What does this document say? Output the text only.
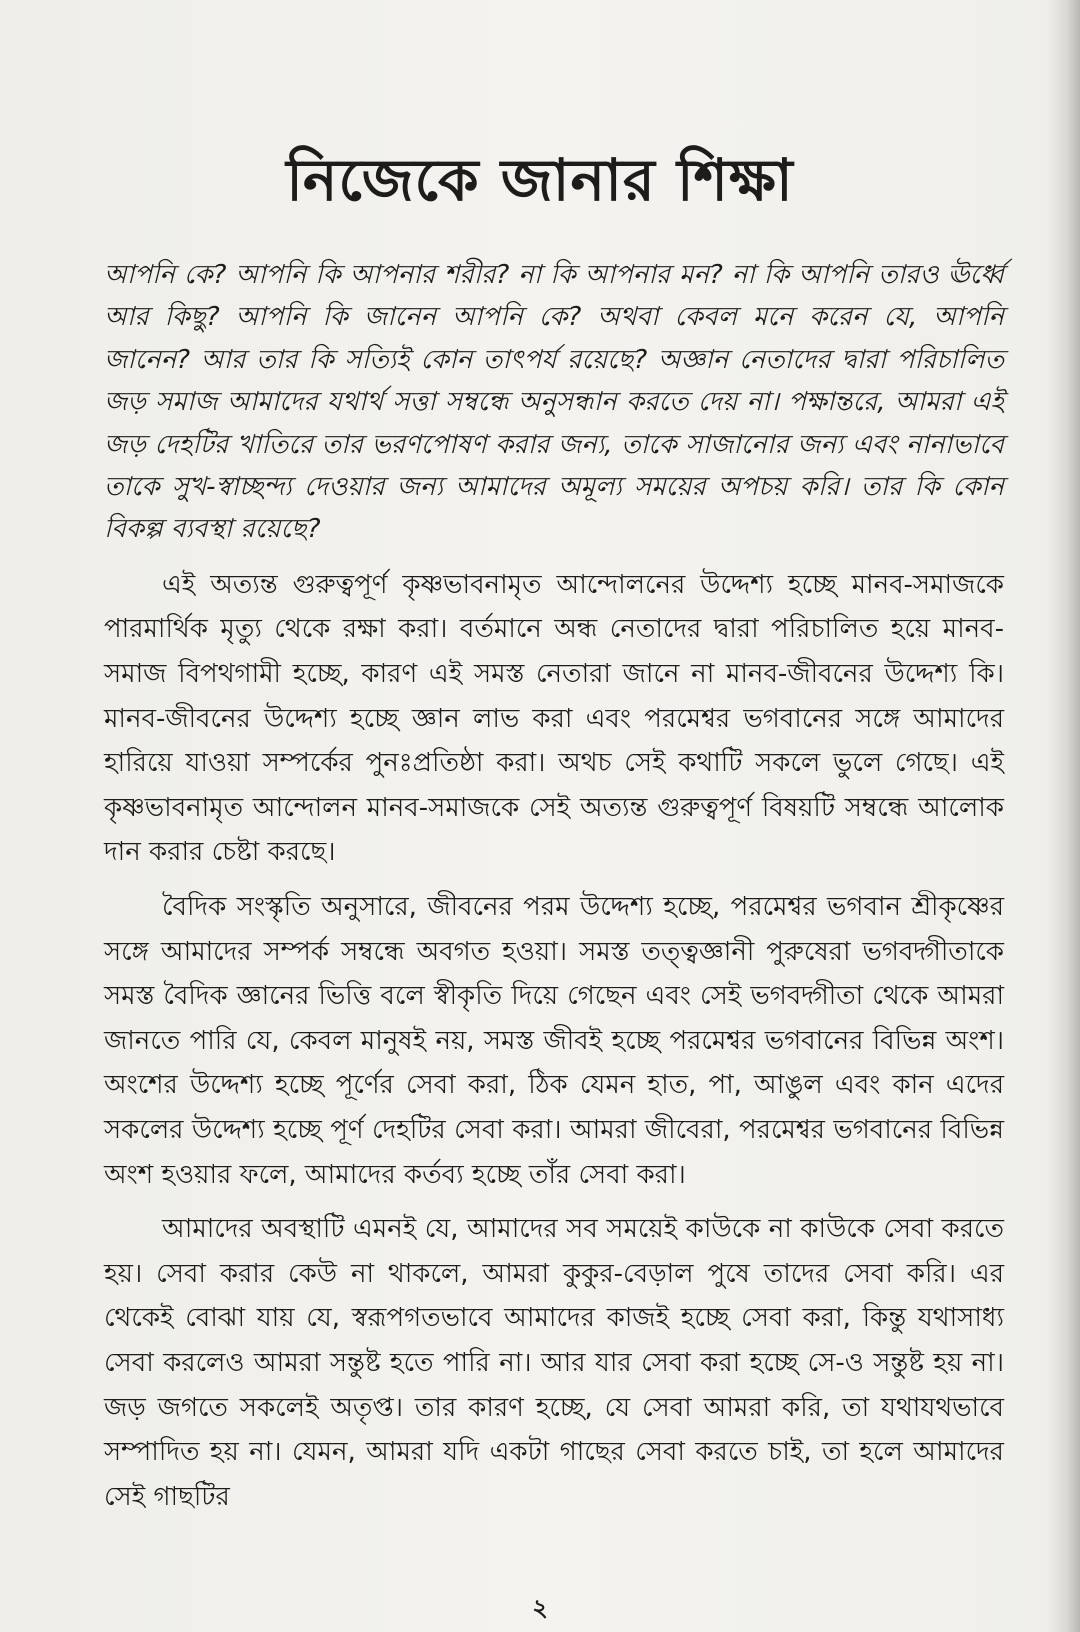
নিজেকে জানার শিক্ষা

আপনি কে? আপনি কি আপনার শরীর? না কি আপনার মন? না কি আপনি তারও ঊর্ধ্বে আর কিছু? আপনি কি জানেন আপনি কে? অথবা কেবল মনে করেন যে, আপনি জানেন? আর তার কি সত্যিই কোন তাৎপর্য রয়েছে? অজ্ঞান নেতাদের দ্বারা পরিচালিত জড় সমাজ আমাদের যথার্থ সত্তা সম্বন্ধে অনুসন্ধান করতে দেয় না। পক্ষান্তরে, আমরা এই জড় দেহটির খাতিরে তার ভরণপোষণ করার জন্য, তাকে সাজানোর জন্য এবং নানাভাবে তাকে সুখ-স্বাচ্ছন্দ্য দেওয়ার জন্য আমাদের অমূল্য সময়ের অপচয় করি। তার কি কোন বিকল্প ব্যবস্থা রয়েছে?

এই অত্যন্ত গুরুত্বপূর্ণ কৃষ্ণভাবনামৃত আন্দোলনের উদ্দেশ্য হচ্ছে মানব-সমাজকে পারমার্থিক মৃত্যু থেকে রক্ষা করা। বর্তমানে অন্ধ নেতাদের দ্বারা পরিচালিত হয়ে মানব-সমাজ বিপথগামী হচ্ছে, কারণ এই সমস্ত নেতারা জানে না মানব-জীবনের উদ্দেশ্য কি। মানব-জীবনের উদ্দেশ্য হচ্ছে জ্ঞান লাভ করা এবং পরমেশ্বর ভগবানের সঙ্গে আমাদের হারিয়ে যাওয়া সম্পর্কের পুনঃপ্রতিষ্ঠা করা। অথচ সেই কথাটি সকলে ভুলে গেছে। এই কৃষ্ণভাবনামৃত আন্দোলন মানব-সমাজকে সেই অত্যন্ত গুরুত্বপূর্ণ বিষয়টি সম্বন্ধে আলোক দান করার চেষ্টা করছে।

বৈদিক সংস্কৃতি অনুসারে, জীবনের পরম উদ্দেশ্য হচ্ছে, পরমেশ্বর ভগবান শ্রীকৃষ্ণের সঙ্গে আমাদের সম্পর্ক সম্বন্ধে অবগত হওয়া। সমস্ত তত্ত্বজ্ঞানী পুরুষেরা ভগবদ্গীতাকে সমস্ত বৈদিক জ্ঞানের ভিত্তি বলে স্বীকৃতি দিয়ে গেছেন এবং সেই ভগবদ্গীতা থেকে আমরা জানতে পারি যে, কেবল মানুষই নয়, সমস্ত জীবই হচ্ছে পরমেশ্বর ভগবানের বিভিন্ন অংশ। অংশের উদ্দেশ্য হচ্ছে পূর্ণের সেবা করা, ঠিক যেমন হাত, পা, আঙুল এবং কান এদের সকলের উদ্দেশ্য হচ্ছে পূর্ণ দেহটির সেবা করা। আমরা জীবেরা, পরমেশ্বর ভগবানের বিভিন্ন অংশ হওয়ার ফলে, আমাদের কর্তব্য হচ্ছে তাঁর সেবা করা।

আমাদের অবস্থাটি এমনই যে, আমাদের সব সময়েই কাউকে না কাউকে সেবা করতে হয়। সেবা করার কেউ না থাকলে, আমরা কুকুর-বেড়াল পুষে তাদের সেবা করি। এর থেকেই বোঝা যায় যে, স্বরূপগতভাবে আমাদের কাজই হচ্ছে সেবা করা, কিন্তু যথাসাধ্য সেবা করলেও আমরা সন্তুষ্ট হতে পারি না। আর যার সেবা করা হচ্ছে সে-ও সন্তুষ্ট হয় না। জড় জগতে সকলেই অতৃপ্ত। তার কারণ হচ্ছে, যে সেবা আমরা করি, তা যথাযথভাবে সম্পাদিত হয় না। যেমন, আমরা যদি একটা গাছের সেবা করতে চাই, তা হলে আমাদের সেই গাছটির

২
